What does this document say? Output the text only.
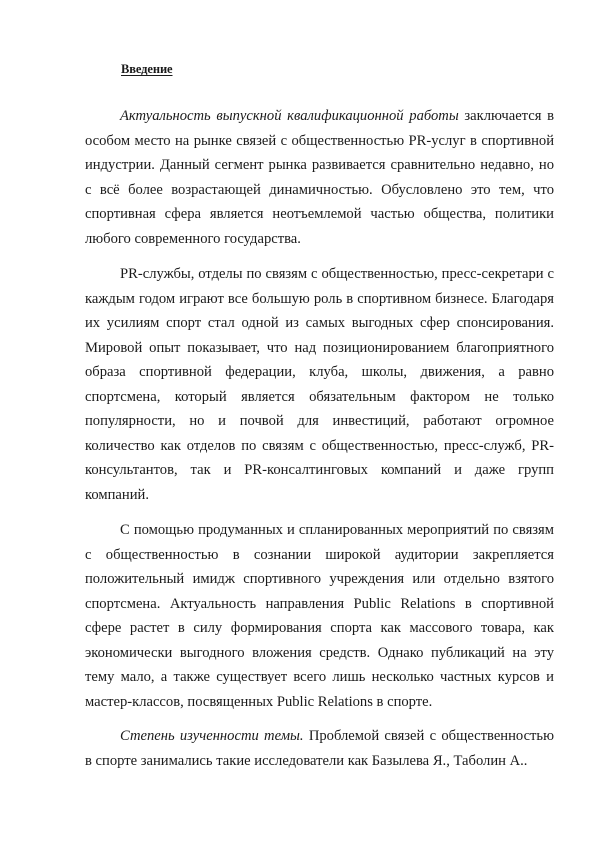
Введение

Актуальность выпускной квалификационной работы заключается в особом место на рынке связей с общественностью PR-услуг в спортивной индустрии. Данный сегмент рынка развивается сравнительно недавно, но с всё более возрастающей динамичностью. Обусловлено это тем, что спортивная сфера является неотъемлемой частью общества, политики любого современного государства.

PR-службы, отделы по связям с общественностью, пресс-секретари с каждым годом играют все большую роль в спортивном бизнесе. Благодаря их усилиям спорт стал одной из самых выгодных сфер спонсирования. Мировой опыт показывает, что над позиционированием благоприятного образа спортивной федерации, клуба, школы, движения, а равно спортсмена, который является обязательным фактором не только популярности, но и почвой для инвестиций, работают огромное количество как отделов по связям с общественностью, пресс-служб, PR-консультантов, так и PR-консалтинговых компаний и даже групп компаний.

С помощью продуманных и спланированных мероприятий по связям с общественностью в сознании широкой аудитории закрепляется положительный имидж спортивного учреждения или отдельно взятого спортсмена. Актуальность направления Public Relations в спортивной сфере растет в силу формирования спорта как массового товара, как экономически выгодного вложения средств. Однако публикаций на эту тему мало, а также существует всего лишь несколько частных курсов и мастер-классов, посвященных Public Relations в спорте.

Степень изученности темы. Проблемой связей с общественностью в спорте занимались такие исследователи как Базылева Я., Таболин А..
